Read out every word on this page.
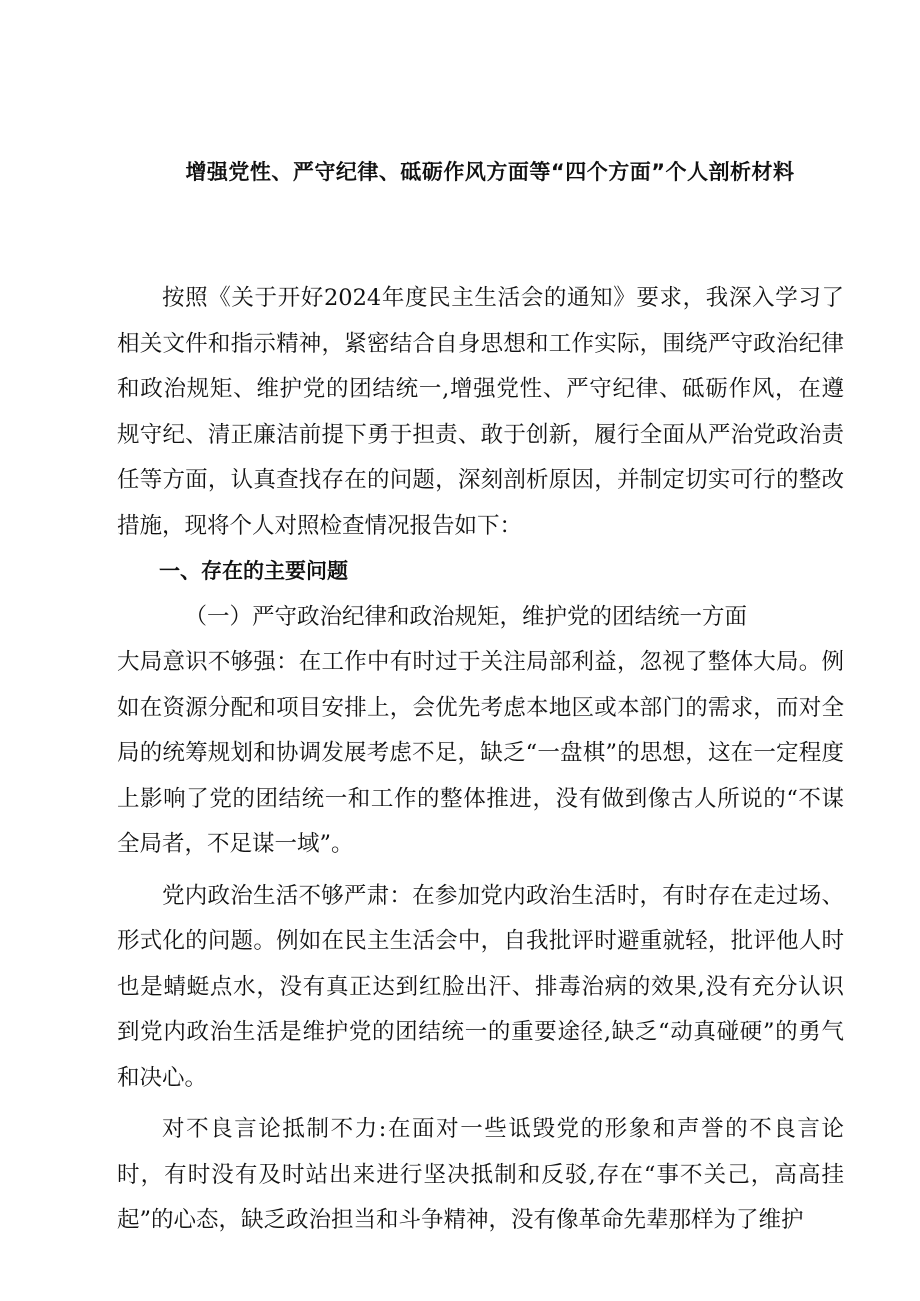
增强党性、严守纪律、砥砺作风方面等“四个方面”个人剖析材料

按照《关于开好2024年度民主生活会的通知》要求，我深入学习了相关文件和指示精神，紧密结合自身思想和工作实际，围绕严守政治纪律和政治规矩、维护党的团结统一,增强党性、严守纪律、砥砺作风，在遵规守纪、清正廉洁前提下勇于担责、敢于创新，履行全面从严治党政治责任等方面，认真查找存在的问题，深刻剖析原因，并制定切实可行的整改措施，现将个人对照检查情况报告如下：

一、存在的主要问题

（一）严守政治纪律和政治规矩，维护党的团结统一方面

大局意识不够强：在工作中有时过于关注局部利益，忽视了整体大局。例如在资源分配和项目安排上，会优先考虑本地区或本部门的需求，而对全局的统筹规划和协调发展考虑不足，缺乏“一盘棋”的思想，这在一定程度上影响了党的团结统一和工作的整体推进，没有做到像古人所说的“不谋全局者，不足谋一域”。

党内政治生活不够严肃：在参加党内政治生活时，有时存在走过场、形式化的问题。例如在民主生活会中，自我批评时避重就轻，批评他人时也是蜻蜓点水，没有真正达到红脸出汗、排毒治病的效果,没有充分认识到党内政治生活是维护党的团结统一的重要途径,缺乏“动真碰硬”的勇气和决心。

对不良言论抵制不力:在面对一些诋毁党的形象和声誉的不良言论时，有时没有及时站出来进行坚决抵制和反驳,存在“事不关己，高高挂起”的心态，缺乏政治担当和斗争精神，没有像革命先辈那样为了维护
